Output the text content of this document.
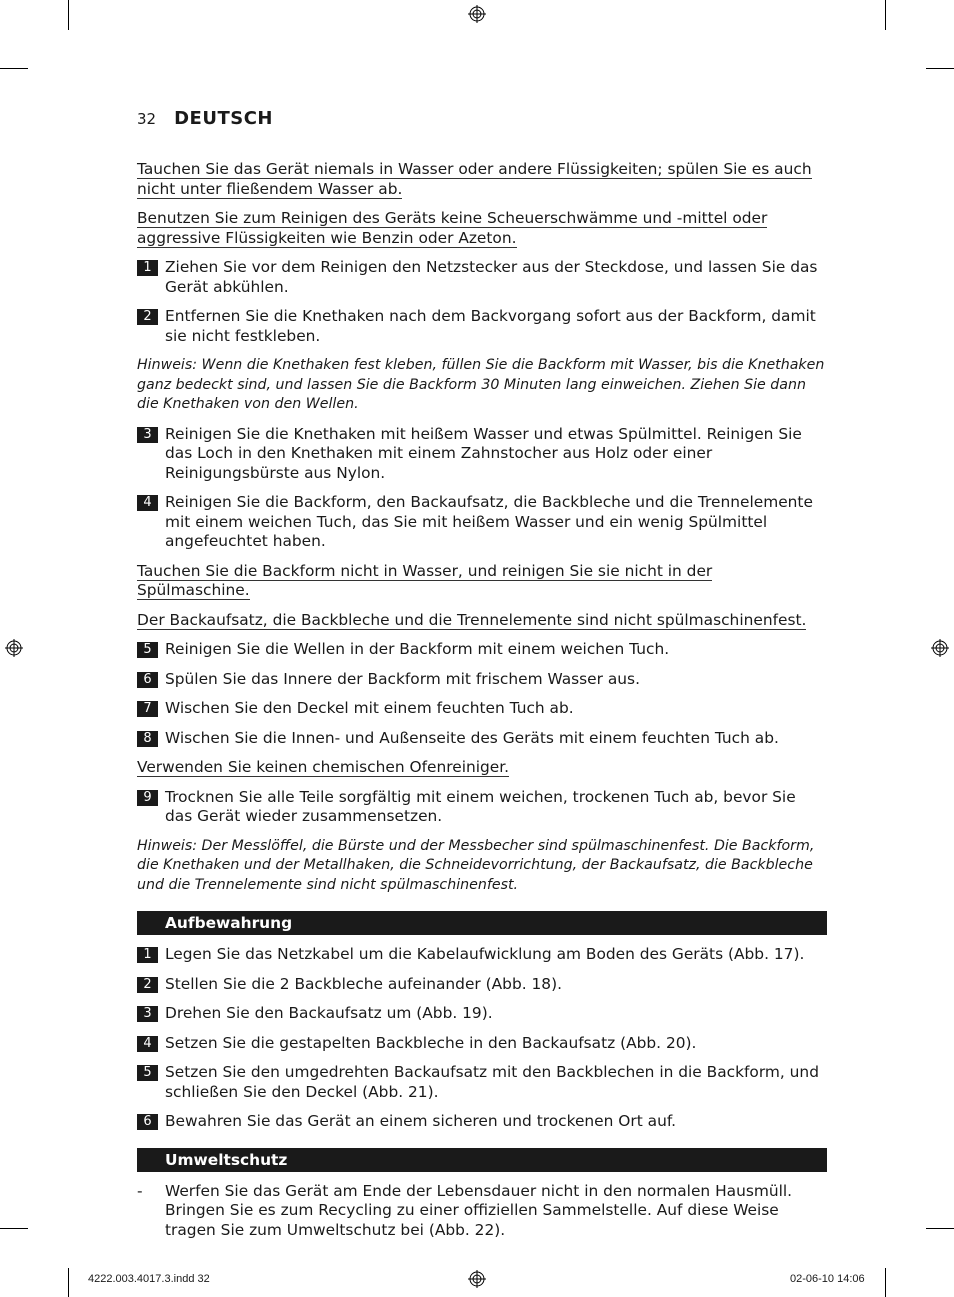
32 DEUTSCH

Tauchen Sie das Gerät niemals in Wasser oder andere Flüssigkeiten; spülen Sie es auch nicht unter fließendem Wasser ab.

Benutzen Sie zum Reinigen des Geräts keine Scheuerschwämme und -mittel oder aggressive Flüssigkeiten wie Benzin oder Azeton.

1 Ziehen Sie vor dem Reinigen den Netzstecker aus der Steckdose, und lassen Sie das Gerät abkühlen.
2 Entfernen Sie die Knethaken nach dem Backvorgang sofort aus der Backform, damit sie nicht festkleben.

Hinweis: Wenn die Knethaken fest kleben, füllen Sie die Backform mit Wasser, bis die Knethaken ganz bedeckt sind, und lassen Sie die Backform 30 Minuten lang einweichen. Ziehen Sie dann die Knethaken von den Wellen.

3 Reinigen Sie die Knethaken mit heißem Wasser und etwas Spülmittel. Reinigen Sie das Loch in den Knethaken mit einem Zahnstocher aus Holz oder einer Reinigungsbürste aus Nylon.
4 Reinigen Sie die Backform, den Backaufsatz, die Backbleche und die Trennelemente mit einem weichen Tuch, das Sie mit heißem Wasser und ein wenig Spülmittel angefeuchtet haben.

Tauchen Sie die Backform nicht in Wasser, und reinigen Sie sie nicht in der Spülmaschine.

Der Backaufsatz, die Backbleche und die Trennelemente sind nicht spülmaschinenfest.

5 Reinigen Sie die Wellen in der Backform mit einem weichen Tuch.
6 Spülen Sie das Innere der Backform mit frischem Wasser aus.
7 Wischen Sie den Deckel mit einem feuchten Tuch ab.
8 Wischen Sie die Innen- und Außenseite des Geräts mit einem feuchten Tuch ab.

Verwenden Sie keinen chemischen Ofenreiniger.

9 Trocknen Sie alle Teile sorgfältig mit einem weichen, trockenen Tuch ab, bevor Sie das Gerät wieder zusammensetzen.

Hinweis: Der Messlöffel, die Bürste und der Messbecher sind spülmaschinenfest. Die Backform, die Knethaken und der Metallhaken, die Schneidevorrichtung, der Backaufsatz, die Backbleche und die Trennelemente sind nicht spülmaschinenfest.

Aufbewahrung
1 Legen Sie das Netzkabel um die Kabelaufwicklung am Boden des Geräts (Abb. 17).
2 Stellen Sie die 2 Backbleche aufeinander (Abb. 18).
3 Drehen Sie den Backaufsatz um (Abb. 19).
4 Setzen Sie die gestapelten Backbleche in den Backaufsatz (Abb. 20).
5 Setzen Sie den umgedrehten Backaufsatz mit den Backblechen in die Backform, und schließen Sie den Deckel (Abb. 21).
6 Bewahren Sie das Gerät an einem sicheren und trockenen Ort auf.
Umweltschutz
-	Werfen Sie das Gerät am Ende der Lebensdauer nicht in den normalen Hausmüll. Bringen Sie es zum Recycling zu einer offiziellen Sammelstelle. Auf diese Weise tragen Sie zum Umweltschutz bei (Abb. 22).
4222.003.4017.3.indd 32	02-06-10 14:06
